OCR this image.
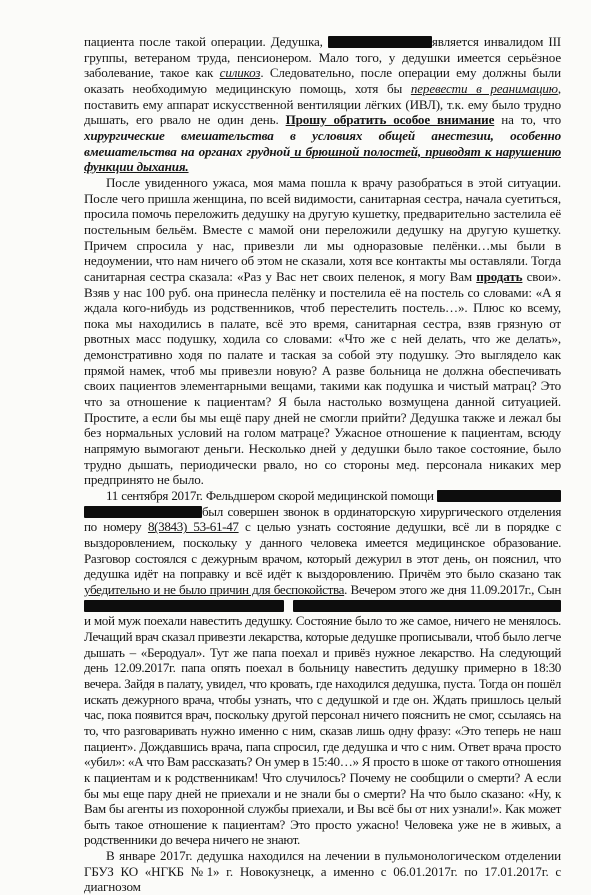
пациента после такой операции. Дедушка,	является инвалидом III группы, ветераном труда, пенсионером. Мало того, у дедушки имеется серьёзное заболевание, такое как силикоз. Следовательно, после операции ему должны были оказать необходимую медицинскую помощь, хотя бы перевести в реанимацию, поставить ему аппарат искусственной вентиляции лёгких (ИВЛ), т.к. ему было трудно дышать, его рвало не один день. Прошу обратить особое внимание на то, что хирургические вмешательства в условиях общей анестезии, особенно вмешательства на органах грудной и брюшной полостей, приводят к нарушению функции дыхания.

После увиденного ужаса, моя мама пошла к врачу разобраться в этой ситуации. После чего пришла женщина, по всей видимости, санитарная сестра, начала суетиться, просила помочь переложить дедушку на другую кушетку, предварительно застелила её постельным бельём. Вместе с мамой они переложили дедушку на другую кушетку. Причем спросила у нас, привезли ли мы одноразовые пелёнки…мы были в недоумении, что нам ничего об этом не сказали, хотя все контакты мы оставляли. Тогда санитарная сестра сказала: «Раз у Вас нет своих пеленок, я могу Вам продать свои». Взяв у нас 100 руб. она принесла пелёнку и постелила её на постель со словами: «А я ждала кого-нибудь из родственников, чтоб перестелить постель…». Плюс ко всему, пока мы находились в палате, всё это время, санитарная сестра, взяв грязную от рвотных масс подушку, ходила со словами: «Что же с ней делать, что же делать», демонстративно ходя по палате и таская за собой эту подушку. Это выглядело как прямой намек, чтоб мы привезли новую? А разве больница не должна обеспечивать своих пациентов элементарными вещами, такими как подушка и чистый матрац? Это что за отношение к пациентам? Я была настолько возмущена данной ситуацией. Простите, а если бы мы ещё пару дней не смогли прийти? Дедушка также и лежал бы без нормальных условий на голом матраце? Ужасное отношение к пациентам, всюду напрямую вымогают деньги. Несколько дней у дедушки было такое состояние, было трудно дышать, периодически рвало, но со стороны мед. персонала никаких мер предпринято не было.

11 сентября 2017г. Фельдшером скорой медицинской помощи  был совершен звонок в ординаторскую хирургического отделения по номеру 8(3843) 53-61-47 с целью узнать состояние дедушки, всё ли в порядке с выздоровлением, поскольку у данного человека имеется медицинское образование. Разговор состоялся с дежурным врачом, который дежурил в этот день, он пояснил, что дедушка идёт на поправку и всё идёт к выздоровлению. Причём это было сказано так убедительно и не было причин для беспокойства. Вечером этого же дня 11.09.2017г., Сын   и мой муж поехали навестить дедушку. Состояние было то же самое, ничего не менялось. Лечащий врач сказал привезти лекарства, которые дедушке прописывали, чтоб было легче дышать – «Беродуал». Тут же папа поехал и привёз нужное лекарство. На следующий день 12.09.2017г. папа опять поехал в больницу навестить дедушку примерно в 18:30 вечера. Зайдя в палату, увидел, что кровать, где находился дедушка, пуста. Тогда он пошёл искать дежурного врача, чтобы узнать, что с дедушкой и где он. Ждать пришлось целый час, пока появится врач, поскольку другой персонал ничего пояснить не смог, ссылаясь на то, что разговаривать нужно именно с ним, сказав лишь одну фразу: «Это теперь не наш пациент». Дождавшись врача, папа спросил, где дедушка и что с ним. Ответ врача просто «убил»: «А что Вам рассказать? Он умер в 15:40…» Я просто в шоке от такого отношения к пациентам и к родственникам! Что случилось? Почему не сообщили о смерти? А если бы мы еще пару дней не приехали и не знали бы о смерти? На что было сказано: «Ну, к Вам бы агенты из похоронной службы приехали, и Вы всё бы от них узнали!». Как может быть такое отношение к пациентам? Это просто ужасно! Человека уже не в живых, а родственники до вечера ничего не знают.

В январе 2017г. дедушка находился на лечении в пульмонологическом отделении ГБУЗ КО «НГКБ №1» г. Новокузнецк, а именно с 06.01.2017г. по 17.01.2017г. с диагнозом
